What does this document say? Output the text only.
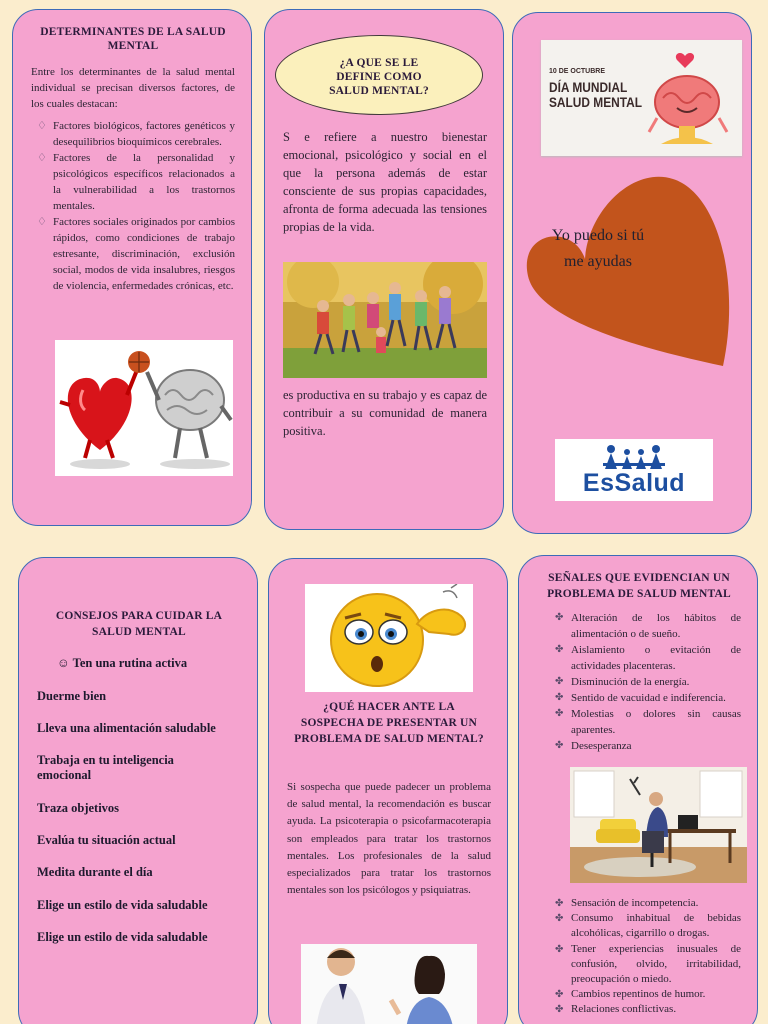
DETERMINANTES DE LA SALUD MENTAL
Entre los determinantes de la salud mental individual se precisan diversos factores, de los cuales destacan:
♢ Factores biológicos, factores genéticos y desequilibrios bioquímicos cerebrales.
♢ Factores de la personalidad y psicológicos específicos relacionados a la vulnerabilidad a los trastornos mentales.
♢ Factores sociales originados por cambios rápidos, como condiciones de trabajo estresante, discriminación, exclusión social, modos de vida insalubres, riesgos de violencia, enfermedades crónicas, etc.
¿A QUE SE LE DEFINE COMO SALUD MENTAL?
S e refiere a nuestro bienestar emocional, psicológico y social en el que la persona además de estar consciente de sus propias capacidades, afronta de forma adecuada las tensiones propias de la vida.
es productiva en su trabajo y es capaz de contribuir a su comunidad de manera positiva.
10 DE OCTUBRE
DÍA MUNDIAL
SALUD MENTAL
Yo puedo si tú me ayudas
EsSalud
CONSEJOS PARA CUIDAR LA SALUD MENTAL
☺ Ten una rutina activa
Duerme bien
Lleva una alimentación saludable
Trabaja en tu inteligencia emocional
Traza objetivos
Evalúa tu situación actual
Medita durante el día
Elige un estilo de vida saludable
Elige un estilo de vida saludable
¿QUÉ HACER ANTE LA SOSPECHA DE PRESENTAR UN PROBLEMA DE SALUD MENTAL?
Si sospecha que puede padecer un problema de salud mental, la recomendación es buscar ayuda. La psicoterapia o psicofarmacoterapia son empleados para tratar los trastornos mentales. Los profesionales de la salud especializados para tratar los trastornos mentales son los psicólogos y psiquiatras.
SEÑALES QUE EVIDENCIAN UN PROBLEMA DE SALUD MENTAL
✤ Alteración de los hábitos de alimentación o de sueño.
✤ Aislamiento o evitación de actividades placenteras.
✤ Disminución de la energía.
✤ Sentido de vacuidad e indiferencia.
✤ Molestias o dolores sin causas aparentes.
✤ Desesperanza
✤ Sensación de incompetencia.
✤ Consumo inhabitual de bebidas alcohólicas, cigarrillo o drogas.
✤ Tener experiencias inusuales de confusión, olvido, irritabilidad, preocupación o miedo.
✤ Cambios repentinos de humor.
✤ Relaciones conflictivas.
